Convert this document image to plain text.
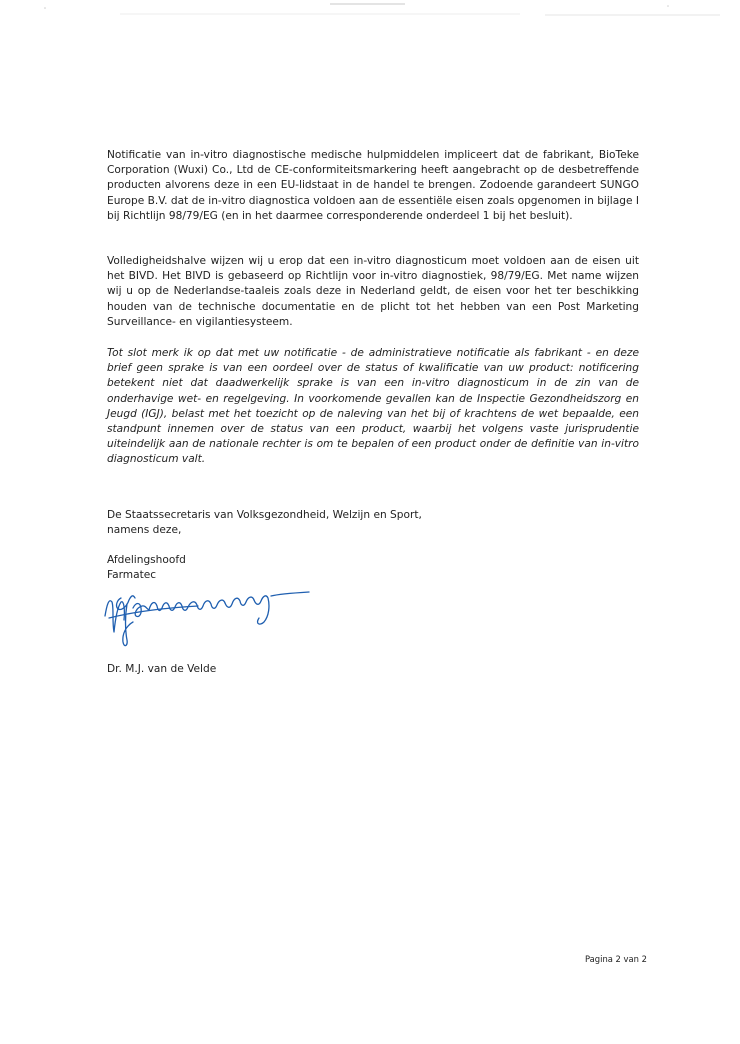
Notificatie van in-vitro diagnostische medische hulpmiddelen impliceert dat de fabrikant, BioTeke Corporation (Wuxi) Co., Ltd de CE-conformiteitsmarkering heeft aangebracht op de desbetreffende producten alvorens deze in een EU-lidstaat in de handel te brengen. Zodoende garandeert SUNGO Europe B.V. dat de in-vitro diagnostica voldoen aan de essentiële eisen zoals opgenomen in bijlage I bij Richtlijn 98/79/EG (en in het daarmee corresponderende onderdeel 1 bij het besluit).

Volledigheidshalve wijzen wij u erop dat een in-vitro diagnosticum moet voldoen aan de eisen uit het BIVD. Het BIVD is gebaseerd op Richtlijn voor in-vitro diagnostiek, 98/79/EG. Met name wijzen wij u op de Nederlandse-taaleis zoals deze in Nederland geldt, de eisen voor het ter beschikking houden van de technische documentatie en de plicht tot het hebben van een Post Marketing Surveillance- en vigilantiesysteem.

Tot slot merk ik op dat met uw notificatie - de administratieve notificatie als fabrikant - en deze brief geen sprake is van een oordeel over de status of kwalificatie van uw product: notificering betekent niet dat daadwerkelijk sprake is van een in-vitro diagnosticum in de zin van de onderhavige wet- en regelgeving. In voorkomende gevallen kan de Inspectie Gezondheidszorg en Jeugd (IGJ), belast met het toezicht op de naleving van het bij of krachtens de wet bepaalde, een standpunt innemen over de status van een product, waarbij het volgens vaste jurisprudentie uiteindelijk aan de nationale rechter is om te bepalen of een product onder de definitie van in-vitro diagnosticum valt.

De Staatssecretaris van Volksgezondheid, Welzijn en Sport,
namens deze,
Afdelingshoofd
Farmatec
Dr. M.J. van de Velde
Pagina 2 van 2
